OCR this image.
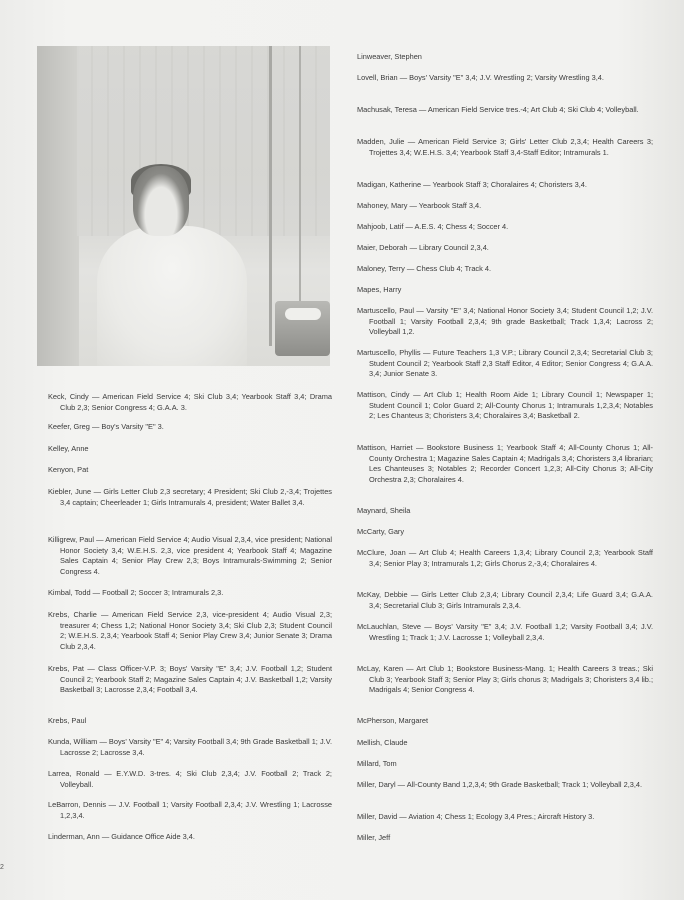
Keck, Cindy — American Field Service 4; Ski Club 3,4; Yearbook Staff 3,4; Drama Club 2,3; Senior Congress 4; G.A.A. 3.

Keefer, Greg — Boy's Varsity "E" 3.

Kelley, Anne

Kenyon, Pat

Kiebler, June — Girls Letter Club 2,3 secretary; 4 President; Ski Club 2,-3,4; Trojettes 3,4 captain; Cheerleader 1; Girls Intramurals 4, president; Water Ballet 3,4.

Killigrew, Paul — American Field Service 4; Audio Visual 2,3,4, vice president; National Honor Society 3,4; W.E.H.S. 2,3, vice president 4; Yearbook Staff 4; Magazine Sales Captain 4; Senior Play Crew 2,3; Boys Intramurals-Swimming 2; Senior Congress 4.

Kimbal, Todd — Football 2; Soccer 3; Intramurals 2,3.

Krebs, Charlie — American Field Service 2,3, vice-president 4; Audio Visual 2,3; treasurer 4; Chess 1,2; National Honor Society 3,4; Ski Club 2,3; Student Council 2; W.E.H.S. 2,3,4; Yearbook Staff 4; Senior Play Crew 3,4; Junior Senate 3; Drama Club 2,3,4.

Krebs, Pat — Class Officer-V.P. 3; Boys' Varsity "E" 3,4; J.V. Football 1,2; Student Council 2; Yearbook Staff 2; Magazine Sales Captain 4; J.V. Basketball 1,2; Varsity Basketball 3; Lacrosse 2,3,4; Football 3,4.

Krebs, Paul

Kunda, William — Boys' Varsity "E" 4; Varsity Football 3,4; 9th Grade Basketball 1; J.V. Lacrosse 2; Lacrosse 3,4.

Larrea, Ronald — E.Y.W.D. 3-tres. 4; Ski Club 2,3,4; J.V. Football 2; Track 2; Volleyball.

LeBarron, Dennis — J.V. Football 1; Varsity Football 2,3,4; J.V. Wrestling 1; Lacrosse 1,2,3,4.

Linderman, Ann — Guidance Office Aide 3,4.

Linweaver, Stephen

Lovell, Brian — Boys' Varsity "E" 3,4; J.V. Wrestling 2; Varsity Wrestling 3,4.

Machusak, Teresa — American Field Service tres.-4; Art Club 4; Ski Club 4; Volleyball.

Madden, Julie — American Field Service 3; Girls' Letter Club 2,3,4; Health Careers 3; Trojettes 3,4; W.E.H.S. 3,4; Yearbook Staff 3,4-Staff Editor; Intramurals 1.

Madigan, Katherine — Yearbook Staff 3; Choralaires 4; Choristers 3,4.

Mahoney, Mary — Yearbook Staff 3,4.

Mahjoob, Latif — A.E.S. 4; Chess 4; Soccer 4.

Maier, Deborah — Library Council 2,3,4.

Maloney, Terry — Chess Club 4; Track 4.

Mapes, Harry

Martuscello, Paul — Varsity "E" 3,4; National Honor Society 3,4; Student Council 1,2; J.V. Football 1; Varsity Football 2,3,4; 9th grade Basketball; Track 1,3,4; Lacross 2; Volleyball 1,2.

Martuscello, Phyllis — Future Teachers 1,3 V.P.; Library Council 2,3,4; Secretarial Club 3; Student Council 2; Yearbook Staff 2,3 Staff Editor, 4 Editor; Senior Congress 4; G.A.A. 3,4; Junior Senate 3.

Mattison, Cindy — Art Club 1; Health Room Aide 1; Library Council 1; Newspaper 1; Student Council 1; Color Guard 2; All-County Chorus 1; Intramurals 1,2,3,4; Notables 2; Les Chanteus 3; Choristers 3,4; Choralaires 3,4; Basketball 2.

Mattison, Harriet — Bookstore Business 1; Yearbook Staff 4; All-County Chorus 1; All-County Orchestra 1; Magazine Sales Captain 4; Madrigals 3,4; Choristers 3,4 librarian; Les Chanteuses 3; Notables 2; Recorder Concert 1,2,3; All-City Chorus 3; All-City Orchestra 2,3; Choralaires 4.

Maynard, Sheila

McCarty, Gary

McClure, Joan — Art Club 4; Health Careers 1,3,4; Library Council 2,3; Yearbook Staff 3,4; Senior Play 3; Intramurals 1,2; Girls Chorus 2,-3,4; Choralaires 4.

McKay, Debbie — Girls Letter Club 2,3,4; Library Council 2,3,4; Life Guard 3,4; G.A.A. 3,4; Secretarial Club 3; Girls Intramurals 2,3,4.

McLauchlan, Steve — Boys' Varsity "E" 3,4; J.V. Football 1,2; Varsity Football 3,4; J.V. Wrestling 1; Track 1; J.V. Lacrosse 1; Volleyball 2,3,4.

McLay, Karen — Art Club 1; Bookstore Business-Mang. 1; Health Careers 3 treas.; Ski Club 3; Yearbook Staff 3; Senior Play 3; Girls chorus 3; Madrigals 3; Choristers 3,4 lib.; Madrigals 4; Senior Congress 4.

McPherson, Margaret

Mellish, Claude

Millard, Tom

Miller, Daryl — All-County Band 1,2,3,4; 9th Grade Basketball; Track 1; Volleyball 2,3,4.

Miller, David — Aviation 4; Chess 1; Ecology 3,4 Pres.; Aircraft History 3.

Miller, Jeff

2
